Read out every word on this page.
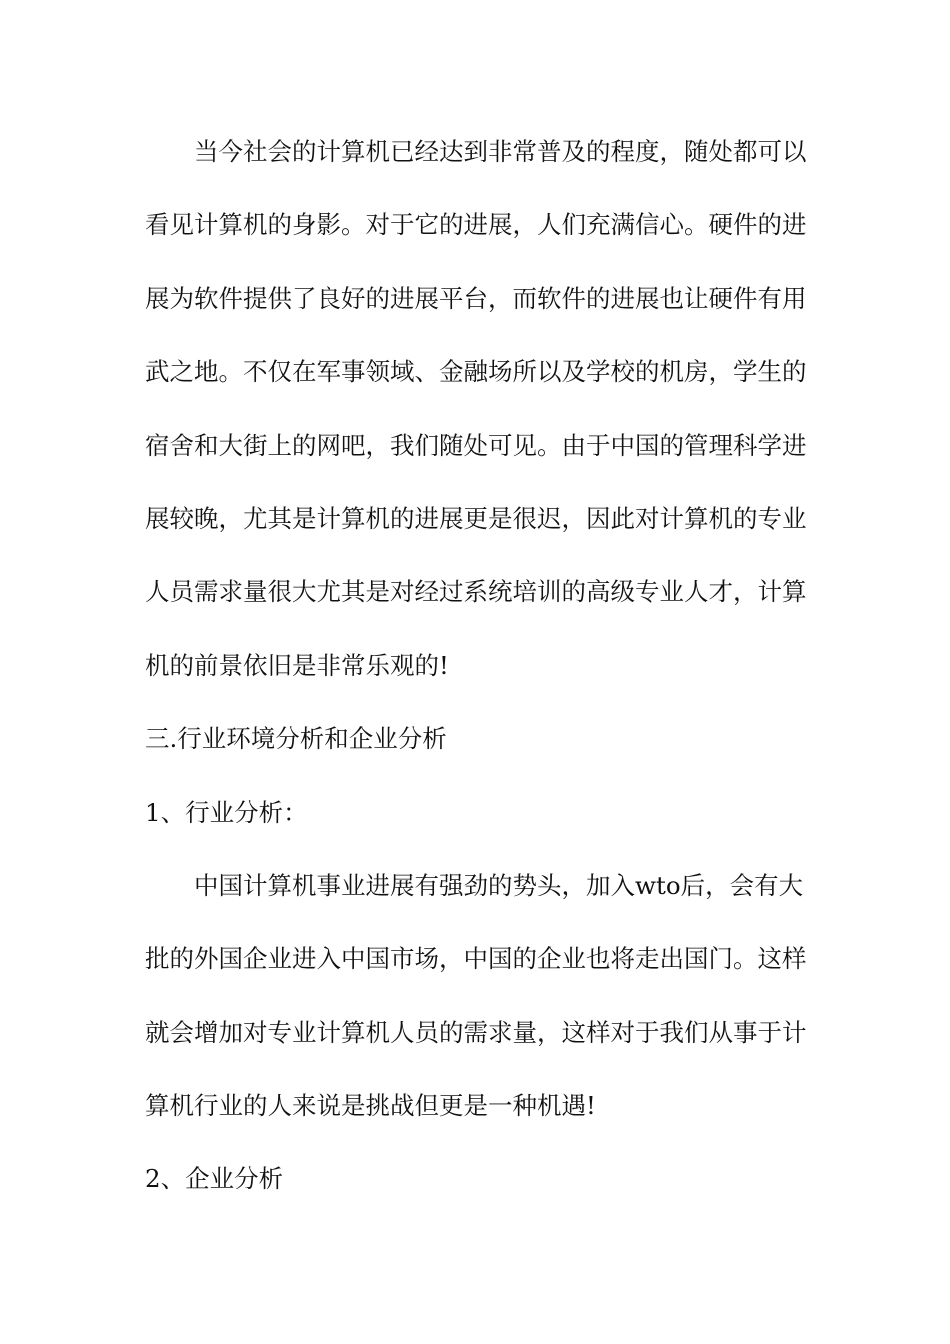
当今社会的计算机已经达到非常普及的程度，随处都可以
看见计算机的身影。对于它的进展，人们充满信心。硬件的进
展为软件提供了良好的进展平台，而软件的进展也让硬件有用
武之地。不仅在军事领域、金融场所以及学校的机房，学生的
宿舍和大街上的网吧，我们随处可见。由于中国的管理科学进
展较晚，尤其是计算机的进展更是很迟，因此对计算机的专业
人员需求量很大尤其是对经过系统培训的高级专业人才，计算
机的前景依旧是非常乐观的!
三.行业环境分析和企业分析
1、行业分析：
中国计算机事业进展有强劲的势头，加入wto后，会有大
批的外国企业进入中国市场，中国的企业也将走出国门。这样
就会增加对专业计算机人员的需求量，这样对于我们从事于计
算机行业的人来说是挑战但更是一种机遇!
2、企业分析
